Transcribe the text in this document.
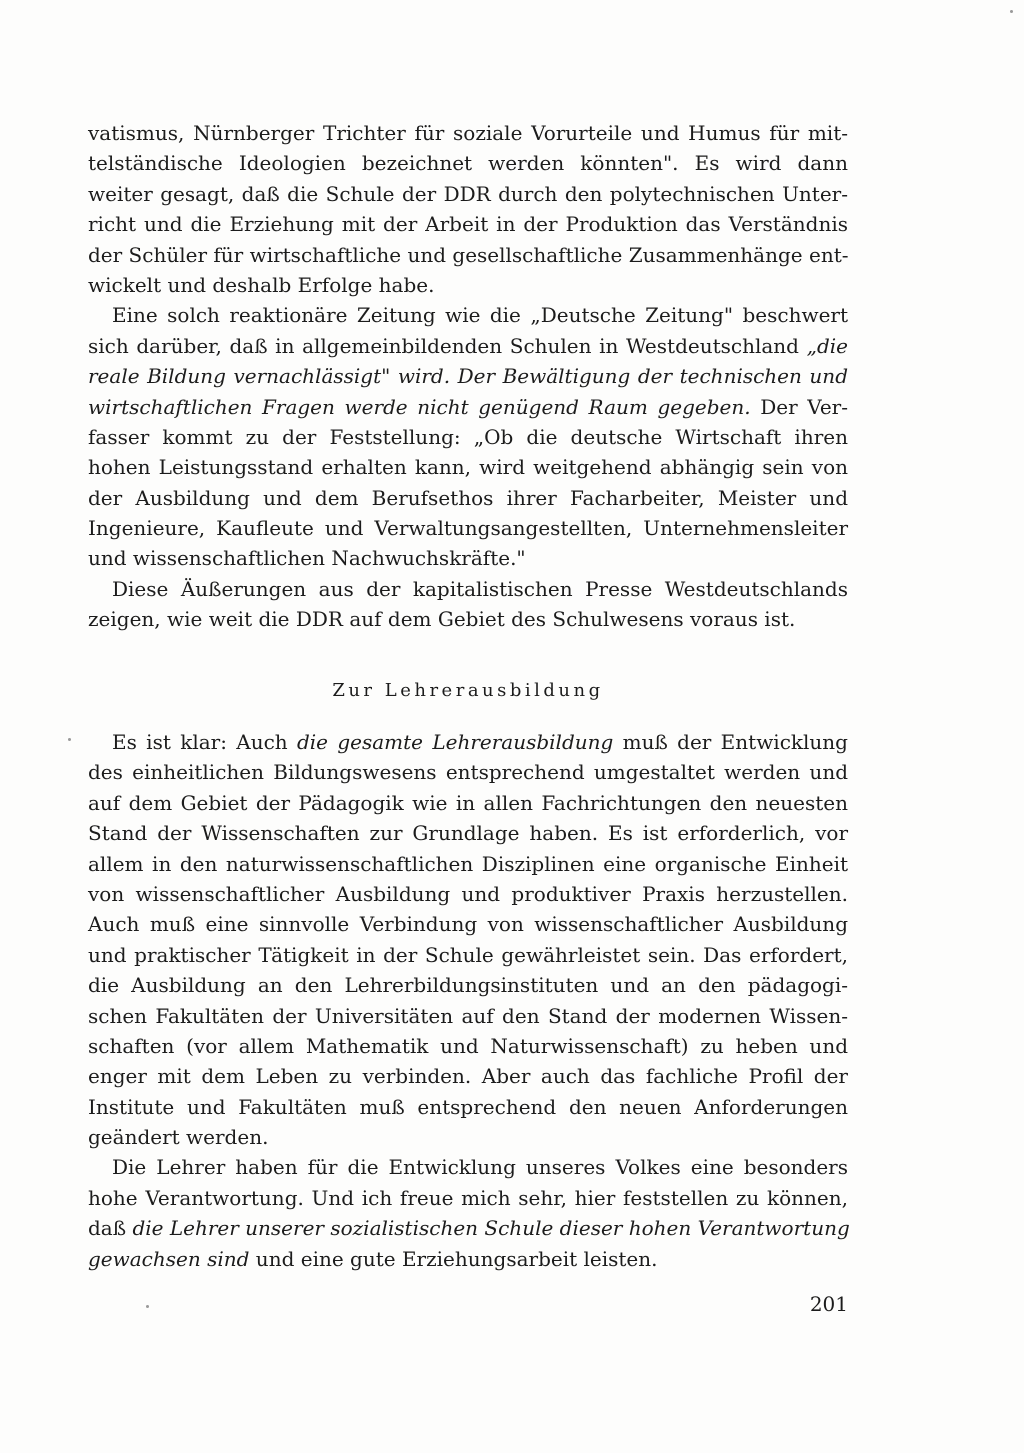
vatismus, Nürnberger Trichter für soziale Vorurteile und Humus für mit-
telständische Ideologien bezeichnet werden könnten". Es wird dann
weiter gesagt, daß die Schule der DDR durch den polytechnischen Unter-
richt und die Erziehung mit der Arbeit in der Produktion das Verständnis
der Schüler für wirtschaftliche und gesellschaftliche Zusammenhänge ent-
wickelt und deshalb Erfolge habe.
Eine solch reaktionäre Zeitung wie die „Deutsche Zeitung" beschwert
sich darüber, daß in allgemeinbildenden Schulen in Westdeutschland „die
reale Bildung vernachlässigt" wird. Der Bewältigung der technischen und
wirtschaftlichen Fragen werde nicht genügend Raum gegeben. Der Ver-
fasser kommt zu der Feststellung: „Ob die deutsche Wirtschaft ihren
hohen Leistungsstand erhalten kann, wird weitgehend abhängig sein von
der Ausbildung und dem Berufsethos ihrer Facharbeiter, Meister und
Ingenieure, Kaufleute und Verwaltungsangestellten, Unternehmensleiter
und wissenschaftlichen Nachwuchskräfte."
Diese Äußerungen aus der kapitalistischen Presse Westdeutschlands
zeigen, wie weit die DDR auf dem Gebiet des Schulwesens voraus ist.
Zur Lehrerausbildung
Es ist klar: Auch die gesamte Lehrerausbildung muß der Entwicklung
des einheitlichen Bildungswesens entsprechend umgestaltet werden und
auf dem Gebiet der Pädagogik wie in allen Fachrichtungen den neuesten
Stand der Wissenschaften zur Grundlage haben. Es ist erforderlich, vor
allem in den naturwissenschaftlichen Disziplinen eine organische Einheit
von wissenschaftlicher Ausbildung und produktiver Praxis herzustellen.
Auch muß eine sinnvolle Verbindung von wissenschaftlicher Ausbildung
und praktischer Tätigkeit in der Schule gewährleistet sein. Das erfordert,
die Ausbildung an den Lehrerbildungsinstituten und an den pädagogi-
schen Fakultäten der Universitäten auf den Stand der modernen Wissen-
schaften (vor allem Mathematik und Naturwissenschaft) zu heben und
enger mit dem Leben zu verbinden. Aber auch das fachliche Profil der
Institute und Fakultäten muß entsprechend den neuen Anforderungen
geändert werden.
Die Lehrer haben für die Entwicklung unseres Volkes eine besonders
hohe Verantwortung. Und ich freue mich sehr, hier feststellen zu können,
daß die Lehrer unserer sozialistischen Schule dieser hohen Verantwortung
gewachsen sind und eine gute Erziehungsarbeit leisten.
201
